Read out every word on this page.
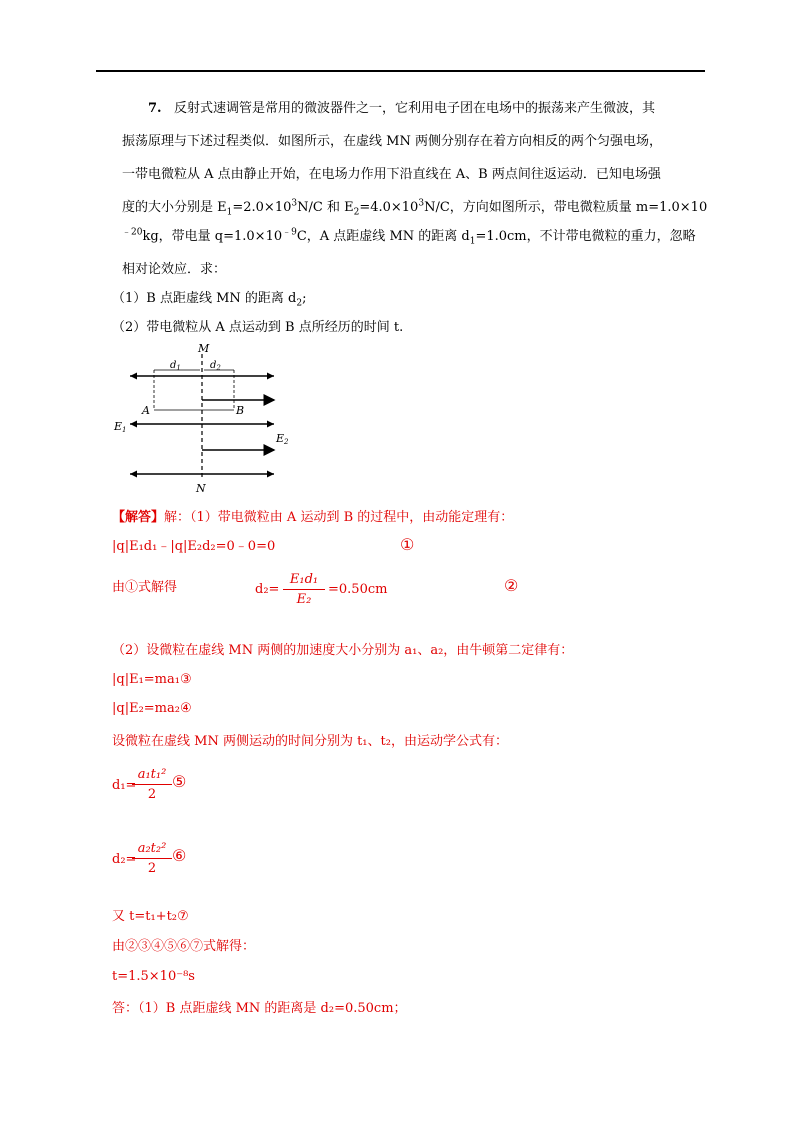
7. 反射式速调管是常用的微波器件之一，它利用电子团在电场中的振荡来产生微波，其
振荡原理与下述过程类似．如图所示，在虚线 MN 两侧分别存在着方向相反的两个匀强电场，
一带电微粒从 A 点由静止开始，在电场力作用下沿直线在 A、B 两点间往返运动．已知电场强
度的大小分别是 $E_1=2.0\times 10^3N/C$ 和 $E_2=4.0\times 10^3N/C$，方向如图所示，带电微粒质量 m=1.0×10
$^{﹣20}$kg，带电量 $q=1.0\times 10^{﹣9}C$，A 点距虚线 MN 的距离 $d_1=1.0cm$，不计带电微粒的重力，忽略
相对论效应．求：
（1）B 点距虚线 MN 的距离 $d_2$;
（2）带电微粒从 A 点运动到 B 点所经历的时间 t.
M
N
$d_1$	$d_2$
A	B
E1
E2
【解答】解：（1）带电微粒由 A 运动到 B 的过程中，由动能定理有：
|q|E₁d₁﹣|q|E₂d₂=0﹣0=0	①
由①式解得	d₂=
E₁d₁
E₂
=0.50cm	②
（2）设微粒在虚线 MN 两侧的加速度大小分别为 a₁、a₂，由牛顿第二定律有：
|q|E₁=ma₁③
|q|E₂=ma₂④
设微粒在虚线 MN 两侧运动的时间分别为 t₁、t₂，由运动学公式有：
d₁=
a₁t₁²
2
⑤
d₂=
a₂t₂²
2
⑥
又 t=t₁+t₂⑦
由②③④⑤⑥⑦式解得：
t=1.5×10⁻⁸s
答：（1）B 点距虚线 MN 的距离是 d₂=0.50cm；
